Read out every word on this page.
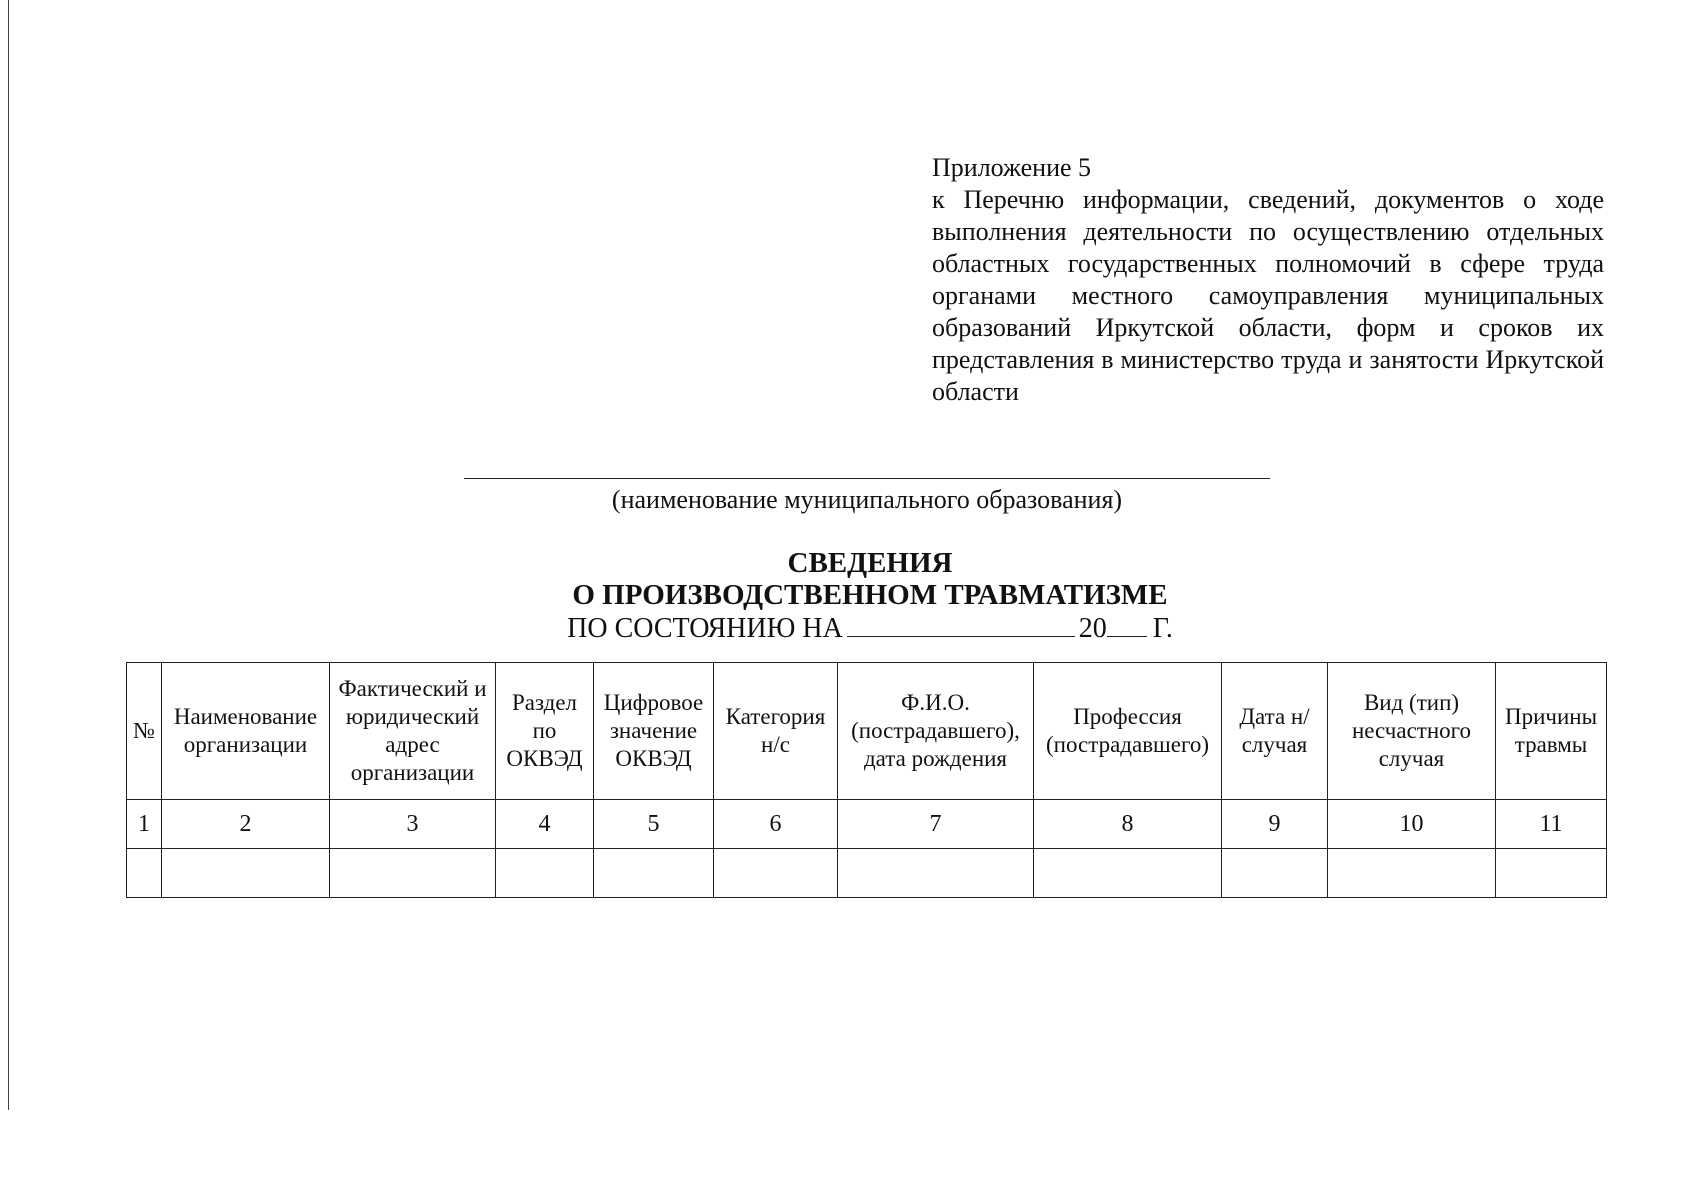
Приложение 5
к Перечню информации, сведений, документов о ходе выполнения деятельности по осуществлению отдельных областных государственных полномочий в сфере труда органами местного самоуправления муниципальных образований Иркутской области, форм и сроков их представления в министерство труда и занятости Иркутской области
(наименование муниципального образования)
СВЕДЕНИЯ
О ПРОИЗВОДСТВЕННОМ ТРАВМАТИЗМЕ
ПО СОСТОЯНИЮ НА	20 Г.
№	Наименование организации	Фактический и юридический адрес организации	Раздел по ОКВЭД	Цифровое значение ОКВЭД	Категория н/с	Ф.И.О. (пострадавшего), дата рождения	Профессия (пострадавшего)	Дата н/случая	Вид (тип) несчастного случая	Причины травмы
1	2	3	4	5	6	7	8	9	10	11
